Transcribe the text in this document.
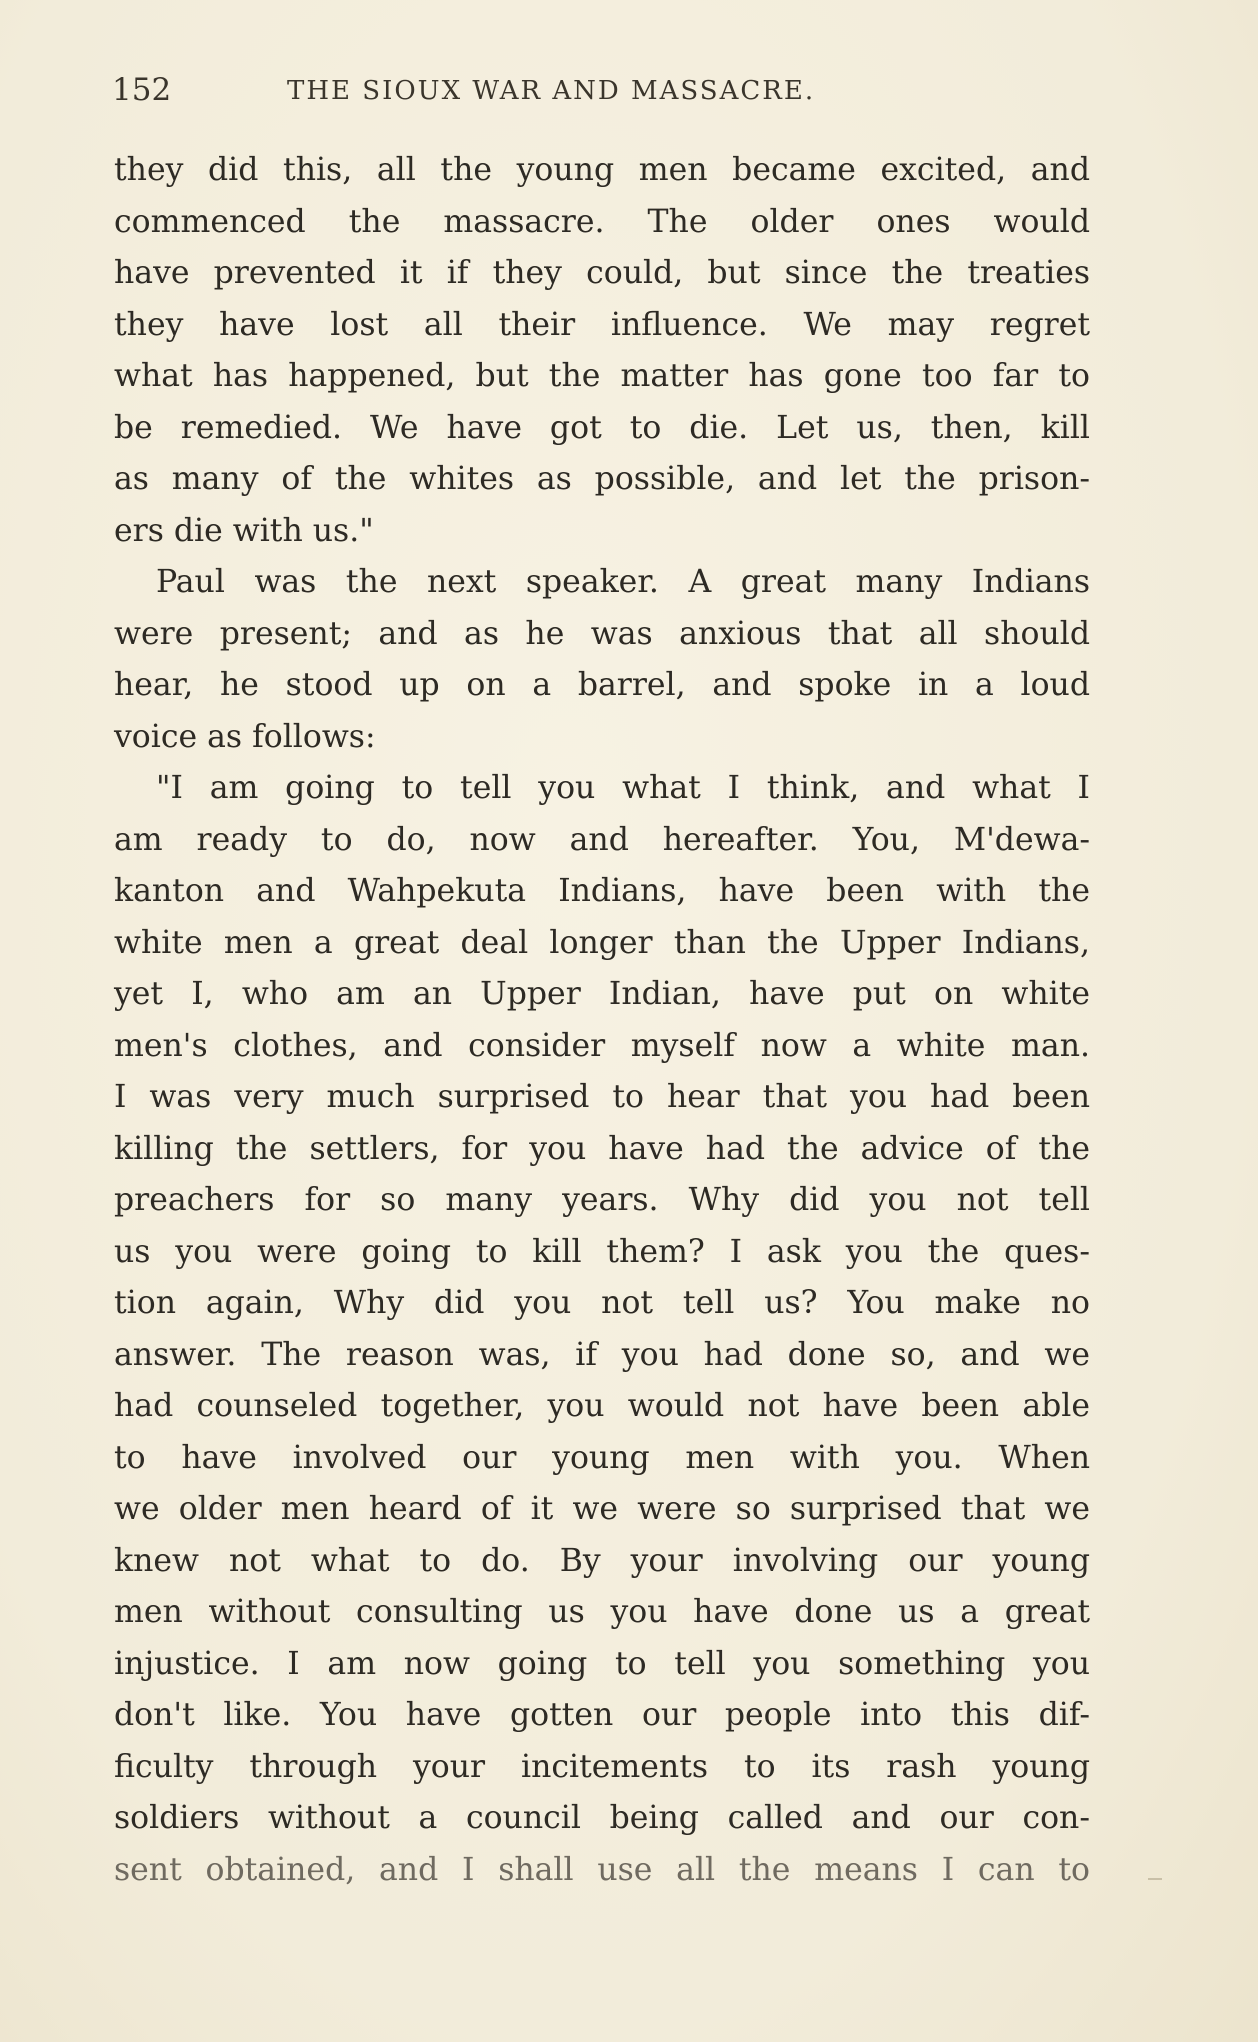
152	THE SIOUX WAR AND MASSACRE.
they did this, all the young men became excited, and
commenced the massacre. The older ones would
have prevented it if they could, but since the treaties
they have lost all their influence. We may regret
what has happened, but the matter has gone too far to
be remedied. We have got to die. Let us, then, kill
as many of the whites as possible, and let the prison-
ers die with us."
Paul was the next speaker. A great many Indians
were present; and as he was anxious that all should
hear, he stood up on a barrel, and spoke in a loud
voice as follows:
"I am going to tell you what I think, and what I
am ready to do, now and hereafter. You, M'dewa-
kanton and Wahpekuta Indians, have been with the
white men a great deal longer than the Upper Indians,
yet I, who am an Upper Indian, have put on white
men's clothes, and consider myself now a white man.
I was very much surprised to hear that you had been
killing the settlers, for you have had the advice of the
preachers for so many years. Why did you not tell
us you were going to kill them? I ask you the ques-
tion again, Why did you not tell us? You make no
answer. The reason was, if you had done so, and we
had counseled together, you would not have been able
to have involved our young men with you. When
we older men heard of it we were so surprised that we
knew not what to do. By your involving our young
men without consulting us you have done us a great
injustice. I am now going to tell you something you
don't like. You have gotten our people into this dif-
ficulty through your incitements to its rash young
soldiers without a council being called and our con-
sent obtained, and I shall use all the means I can to
